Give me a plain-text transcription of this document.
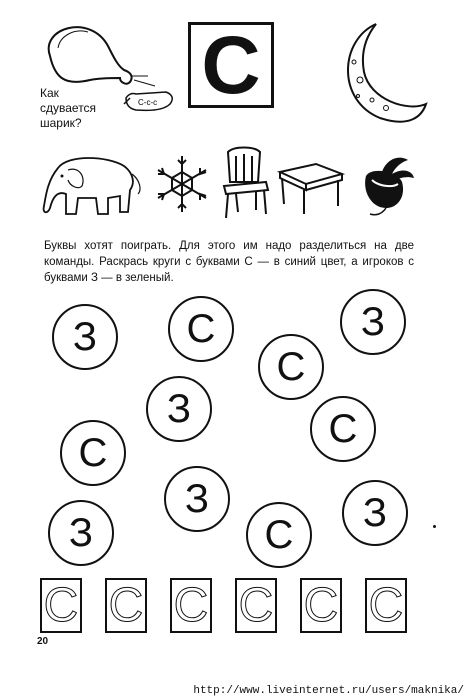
С-с-с
Как
сдувается
шарик?
С

Буквы хотят поиграть. Для этого им надо разделиться на две команды. Раскрась круги с буквами С — в синий цвет, а игроков с буквами З — в зеленый.

З	С	З
С
З	С
С
З
З	С	З
С С С С С С
20
http://www.liveinternet.ru/users/maknika/
